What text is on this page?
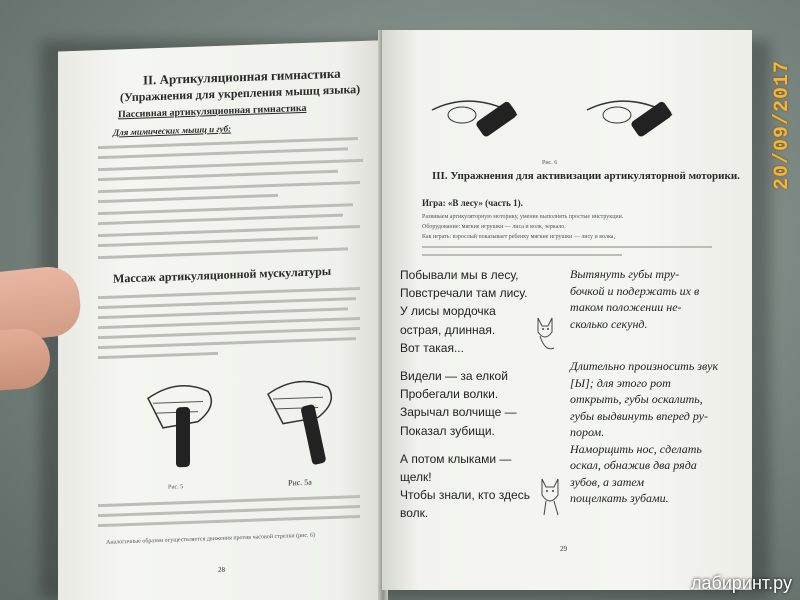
II. Артикуляционная гимнастика
(Упражнения для укрепления мышц языка)
Пассивная артикуляционная гимнастика
Для мимических мышц и губ:
Массаж артикуляционной мускулатуры
Рис. 5	Рис. 5а
Аналогичные образом осуществляется движения против часовой стрелки (рис. 6)
28
Рис. 6
III. Упражнения для активизации артикуляторной моторики.
Игра: «В лесу» (часть 1).
Развиваем артикуляторную моторику, умение выполнять простые инструкции.
Оборудование: мягкие игрушки — лиса и волк, зеркало.
Как играть: взрослый показывает ребенку мягкие игрушки — лису и волка,
Побывали мы в лесу,
Повстречали там лису.
У лисы мордочка
острая, длинная.
Вот такая...
Видели — за елкой
Пробегали волки.
Зарычал волчище —
Показал зубищи.
А потом клыками —
щелк!
Чтобы знали, кто здесь
волк.
Вытянуть губы тру-
бочкой и подержать их в
таком положении не-
сколько секунд.
Длительно произносить звук
[Ы]; для этого рот
открыть, губы оскалить,
губы выдвинуть вперед ру-
пором.
Наморщить нос, сделать
оскал, обнажив два ряда
зубов, а затем
пощелкать зубами.
29
20/09/2017
лабиринт.ру
